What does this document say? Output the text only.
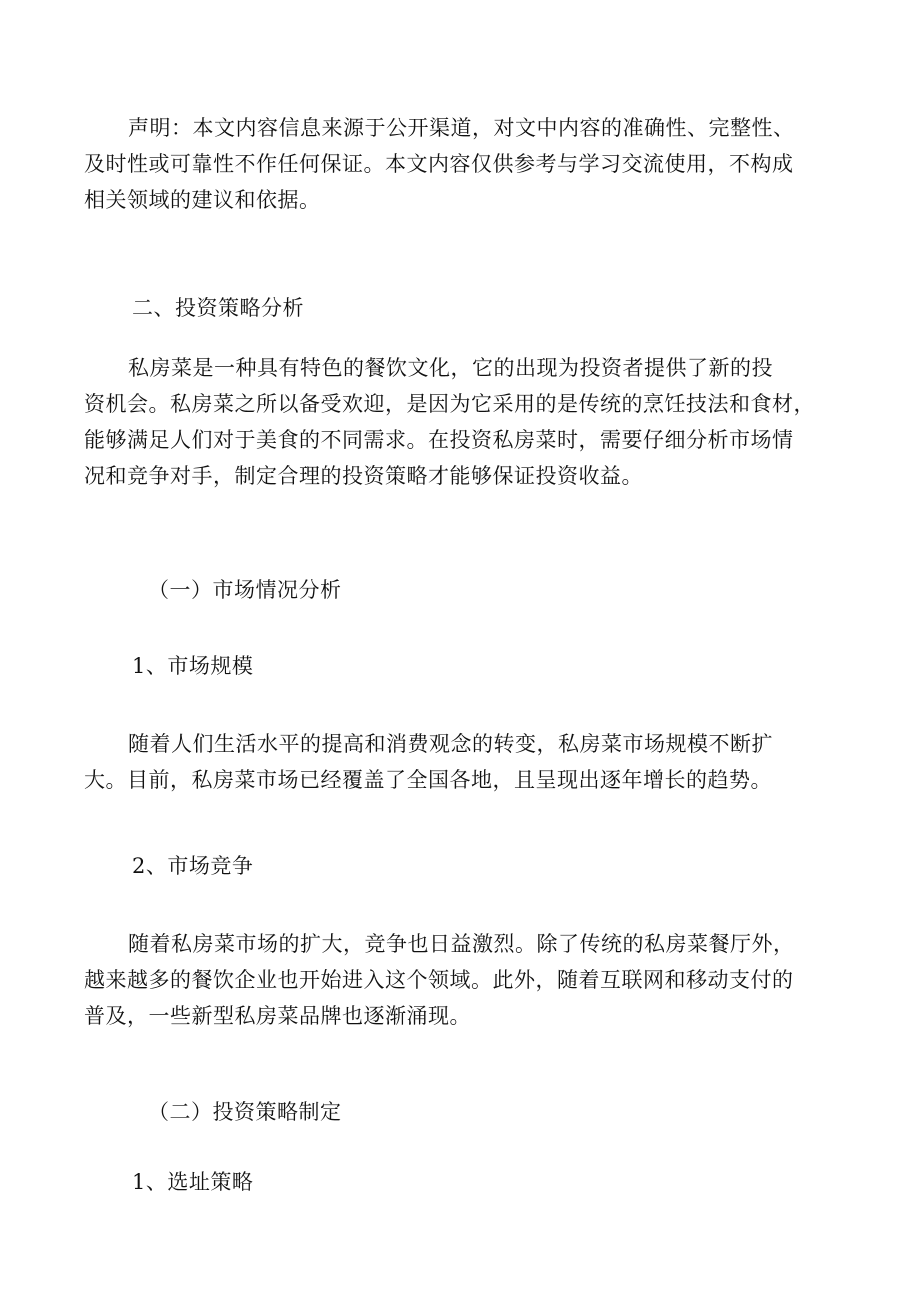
声明：本文内容信息来源于公开渠道，对文中内容的准确性、完整性、
及时性或可靠性不作任何保证。本文内容仅供参考与学习交流使用，不构成
相关领域的建议和依据。

二、投资策略分析

私房菜是一种具有特色的餐饮文化，它的出现为投资者提供了新的投
资机会。私房菜之所以备受欢迎，是因为它采用的是传统的烹饪技法和食材，
能够满足人们对于美食的不同需求。在投资私房菜时，需要仔细分析市场情
况和竞争对手，制定合理的投资策略才能够保证投资收益。

（一）市场情况分析

1、市场规模

随着人们生活水平的提高和消费观念的转变，私房菜市场规模不断扩
大。目前，私房菜市场已经覆盖了全国各地，且呈现出逐年增长的趋势。

2、市场竞争

随着私房菜市场的扩大，竞争也日益激烈。除了传统的私房菜餐厅外，
越来越多的餐饮企业也开始进入这个领域。此外，随着互联网和移动支付的
普及，一些新型私房菜品牌也逐渐涌现。

（二）投资策略制定

1、选址策略
